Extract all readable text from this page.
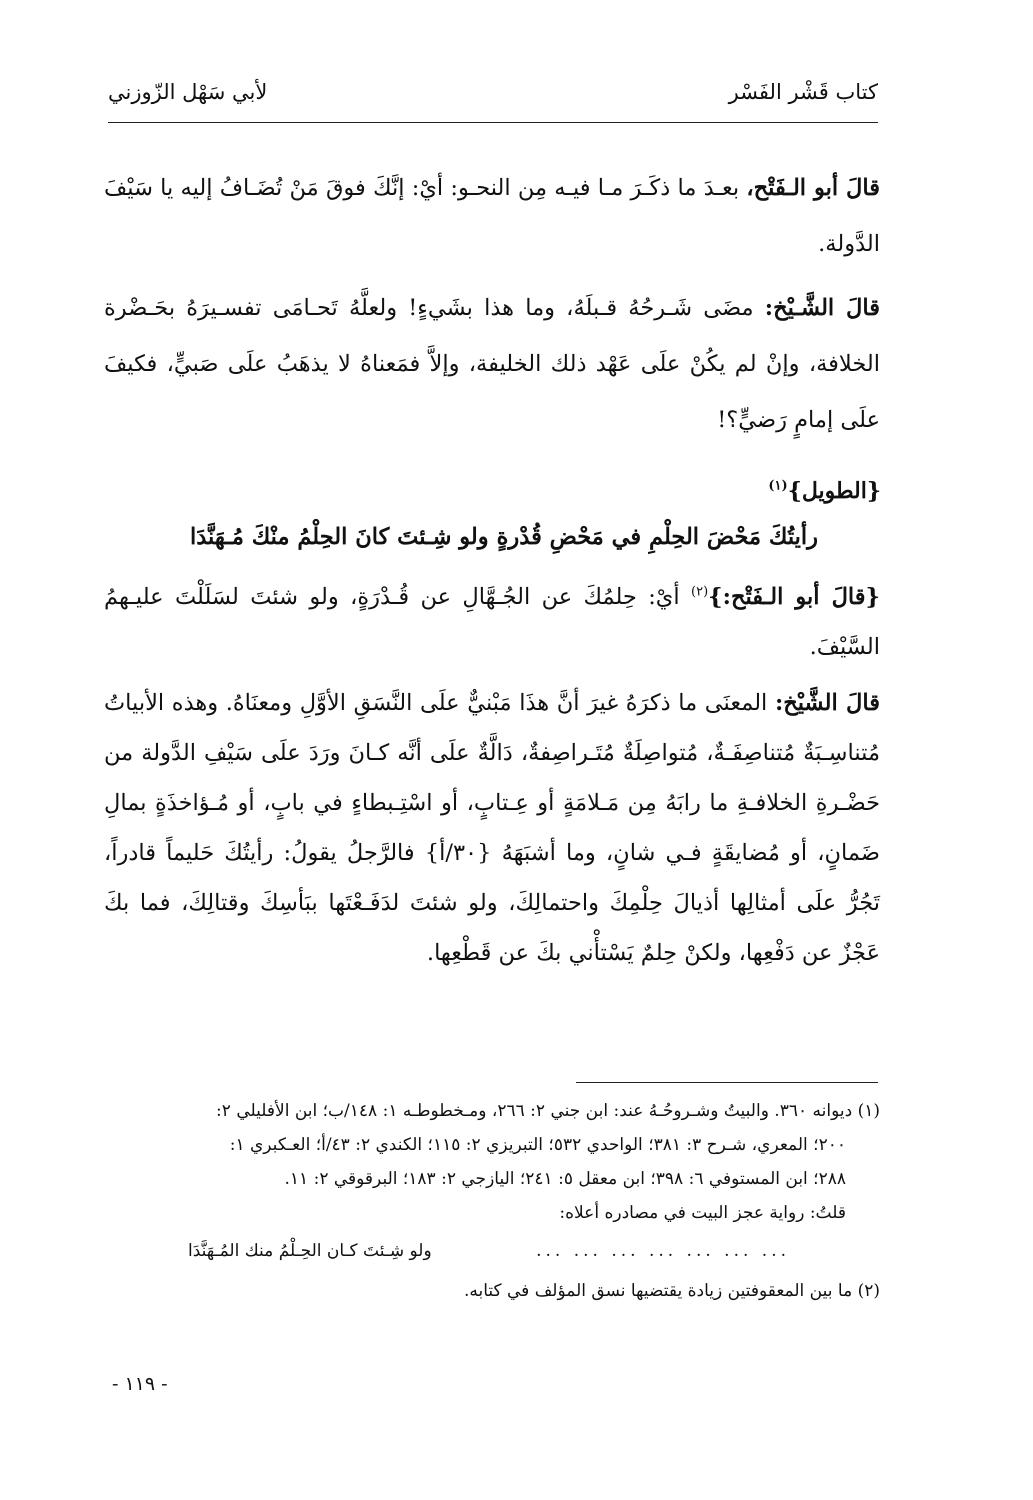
كتاب قَشْر الفَسْر
لأبي سَهْل الزّوزني

قالَ أبو الـفَتْح، بعـدَ ما ذكَـرَ مـا فيـه مِن النحـو: أيْ: إنَّكَ فوقَ مَنْ تُضَـافُ إليه يا سَيْفَ الدَّولة.

قالَ الشَّـيْخ: مضَى شَـرحُهُ قـبلَهُ، وما هذا بشَيءٍ! ولعلَّهُ تَحـامَى تفسـيرَهُ بحَـضْرة الخلافة، وإنْ لم يكُنْ علَى عَهْد ذلك الخليفة، وإلاَّ فمَعناهُ لا يذهَبُ علَى صَبيٍّ، فكيفَ علَى إمامٍ رَضيٍّ؟!

{الطويل}$^{(١)}$
رأيتُكَ مَحْضَ الحِلْمِ في مَحْضِ قُدْرةٍ
ولو شِـئتَ كانَ الحِلْمُ منْكَ مُـهَنَّدَا

{قالَ أبو الـفَتْح:}$^{(٢)}$ أيْ: حِلمُكَ عن الجُـهَّالِ عن قُـدْرَةٍ، ولو شئتَ لسَلَلْتَ عليـهمُ السَّيْفَ.

قالَ الشَّيْخ: المعنَى ما ذكرَهُ غيرَ أنَّ هذَا مَبْنيٌّ علَى النَّسَقِ الأوَّلِ ومعنَاهُ. وهذه الأبياتُ مُتناسِـبَةٌ مُتناصِفَـةٌ، مُتواصِلَةٌ مُتَـراصِفةٌ، دَالَّةٌ علَى أنَّه كـانَ ورَدَ علَى سَيْفِ الدَّولة من حَضْـرةِ الخلافـةِ ما رابَهُ مِن مَـلامَةٍ أو عِـتابٍ، أو اسْتِـبطاءٍ في بابٍ، أو مُـؤاخذَةٍ بمالِ ضَمانٍ، أو مُضايقَةٍ فـي شانٍ، وما أشبَهَهُ {٣٠/أ} فالرَّجلُ يقولُ: رأيتُكَ حَليماً قادراً، تَجُرُّ علَى أمثالِها أذيالَ حِلْمِكَ واحتمالِكَ، ولو شئتَ لدَفَـعْتَها ببَأسِكَ وقتالِكَ، فما بكَ عَجْزٌ عن دَفْعِها، ولكنْ حِلمٌ يَسْتأْني بكَ عن قَطْعِها.

(١) ديوانه ٣٦٠. والبيتُ وشـروحُـهُ عند: ابن جني ٢: ٢٦٦، ومـخطوطـه ١: ١٤٨/ب؛ ابن الأفليلي ٢:

٢٠٠؛ المعري، شـرح ٣: ٣٨١؛ الواحدي ٥٣٢؛ التبريزي ٢: ١١٥؛ الكندي ٢: ٤٣/أ؛ العـكبري ١:

٢٨٨؛ ابن المستوفي ٦: ٣٩٨؛ ابن معقل ٥: ٢٤١؛ اليازجي ٢: ١٨٣؛ البرقوقي ٢: ١١.

قلتُ: رواية عجز البيت في مصادره أعلاه:

... ... ... ... ... ... ...
ولو شِـئتَ كـان الحِـلْمُ منك المُـهَنَّدَا

(٢) ما بين المعقوفتين زيادة يقتضيها نسق المؤلف في كتابه.

- ١١٩ -
